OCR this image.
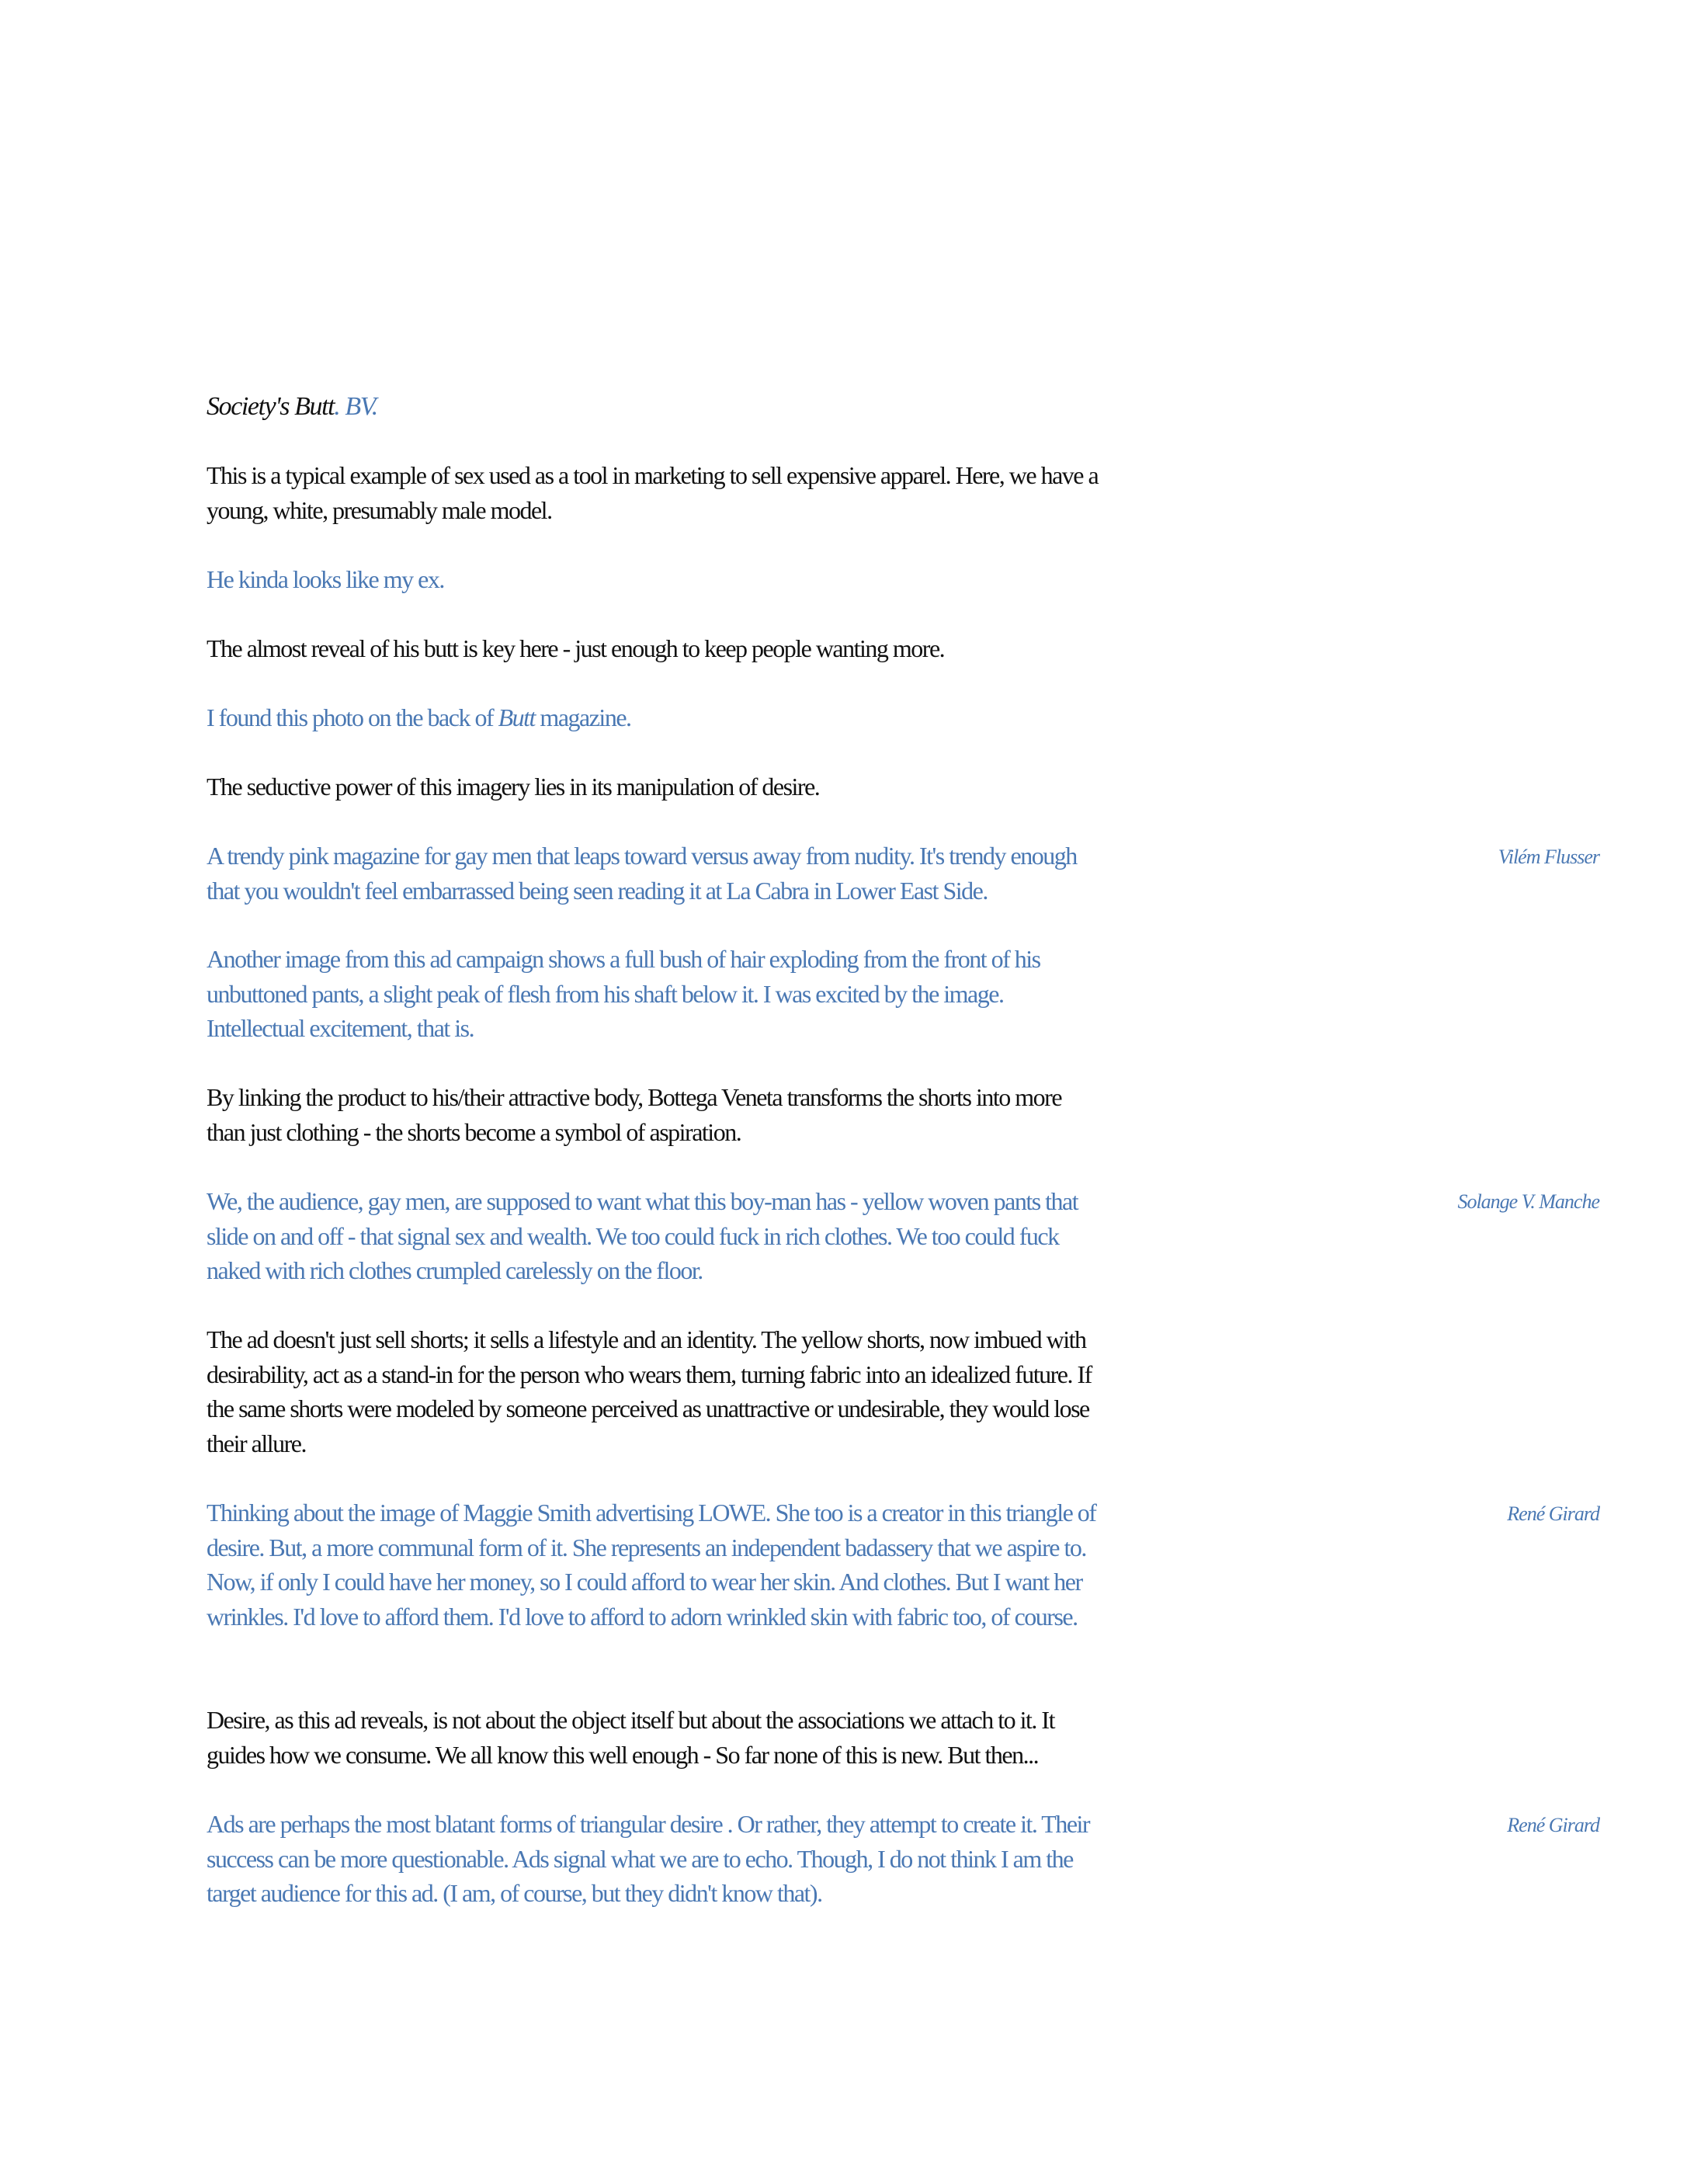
Society's Butt. BV.

This is a typical example of sex used as a tool in marketing to sell expensive apparel. Here, we have a young, white, presumably male model.

He kinda looks like my ex.

The almost reveal of his butt is key here - just enough to keep people wanting more.

I found this photo on the back of Butt magazine.

The seductive power of this imagery lies in its manipulation of desire.

A trendy pink magazine for gay men that leaps toward versus away from nudity. It's trendy enough that you wouldn't feel embarrassed being seen reading it at La Cabra in Lower East Side.

Another image from this ad campaign shows a full bush of hair exploding from the front of his unbuttoned pants, a slight peak of flesh from his shaft below it. I was excited by the image. Intellectual excitement, that is.

By linking the product to his/their attractive body, Bottega Veneta transforms the shorts into more than just clothing - the shorts become a symbol of aspiration.

We, the audience, gay men, are supposed to want what this boy-man has - yellow woven pants that slide on and off - that signal sex and wealth. We too could fuck in rich clothes. We too could fuck naked with rich clothes crumpled carelessly on the floor.

The ad doesn't just sell shorts; it sells a lifestyle and an identity. The yellow shorts, now imbued with desirability, act as a stand-in for the person who wears them, turning fabric into an idealized future. If the same shorts were modeled by someone perceived as unattractive or undesirable, they would lose their allure.

Thinking about the image of Maggie Smith advertising LOWE. She too is a creator in this triangle of desire. But, a more communal form of it. She represents an independent badassery that we aspire to. Now, if only I could have her money, so I could afford to wear her skin. And clothes. But I want her wrinkles. I'd love to afford them. I'd love to afford to adorn wrinkled skin with fabric too, of course.

Desire, as this ad reveals, is not about the object itself but about the associations we attach to it. It guides how we consume. We all know this well enough - So far none of this is new. But then...

Ads are perhaps the most blatant forms of triangular desire . Or rather, they attempt to create it. Their success can be more questionable. Ads signal what we are to echo. Though, I do not think I am the target audience for this ad. (I am, of course, but they didn't know that).

Vilém Flusser
Solange V. Manche
René Girard
René Girard
